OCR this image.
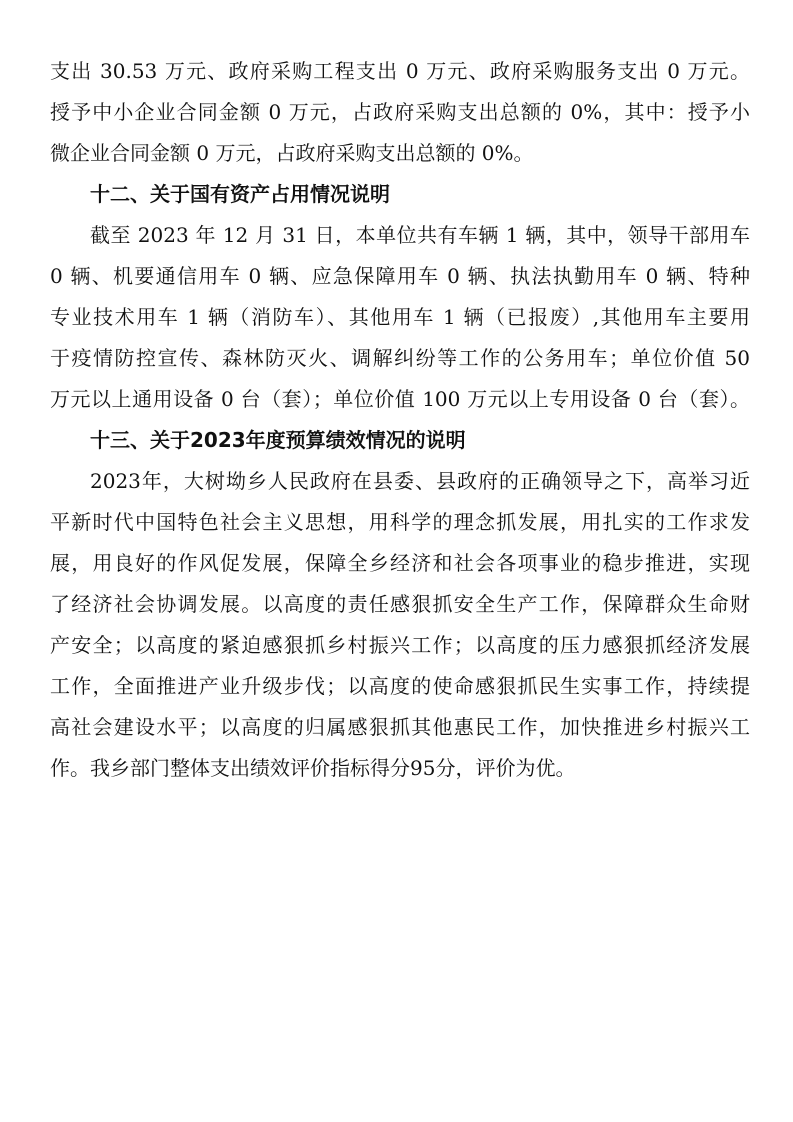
支出 30.53 万元、政府采购工程支出 0 万元、政府采购服务支出 0 万元。
授予中小企业合同金额 0 万元，占政府采购支出总额的 0%，其中：授予小
微企业合同金额 0 万元，占政府采购支出总额的 0%。
十二、关于国有资产占用情况说明
截至 2023 年 12 月 31 日，本单位共有车辆 1 辆，其中，领导干部用车
0 辆、机要通信用车 0 辆、应急保障用车 0 辆、执法执勤用车 0 辆、特种
专业技术用车 1 辆（消防车）、其他用车 1 辆（已报废）,其他用车主要用
于疫情防控宣传、森林防灭火、调解纠纷等工作的公务用车；单位价值 50
万元以上通用设备 0 台（套）；单位价值 100 万元以上专用设备 0 台（套）。
十三、关于2023年度预算绩效情况的说明
2023年，大树坳乡人民政府在县委、县政府的正确领导之下，高举习近
平新时代中国特色社会主义思想，用科学的理念抓发展，用扎实的工作求发
展，用良好的作风促发展，保障全乡经济和社会各项事业的稳步推进，实现
了经济社会协调发展。以高度的责任感狠抓安全生产工作，保障群众生命财
产安全；以高度的紧迫感狠抓乡村振兴工作；以高度的压力感狠抓经济发展
工作，全面推进产业升级步伐；以高度的使命感狠抓民生实事工作，持续提
高社会建设水平；以高度的归属感狠抓其他惠民工作，加快推进乡村振兴工
作。我乡部门整体支出绩效评价指标得分95分，评价为优。
